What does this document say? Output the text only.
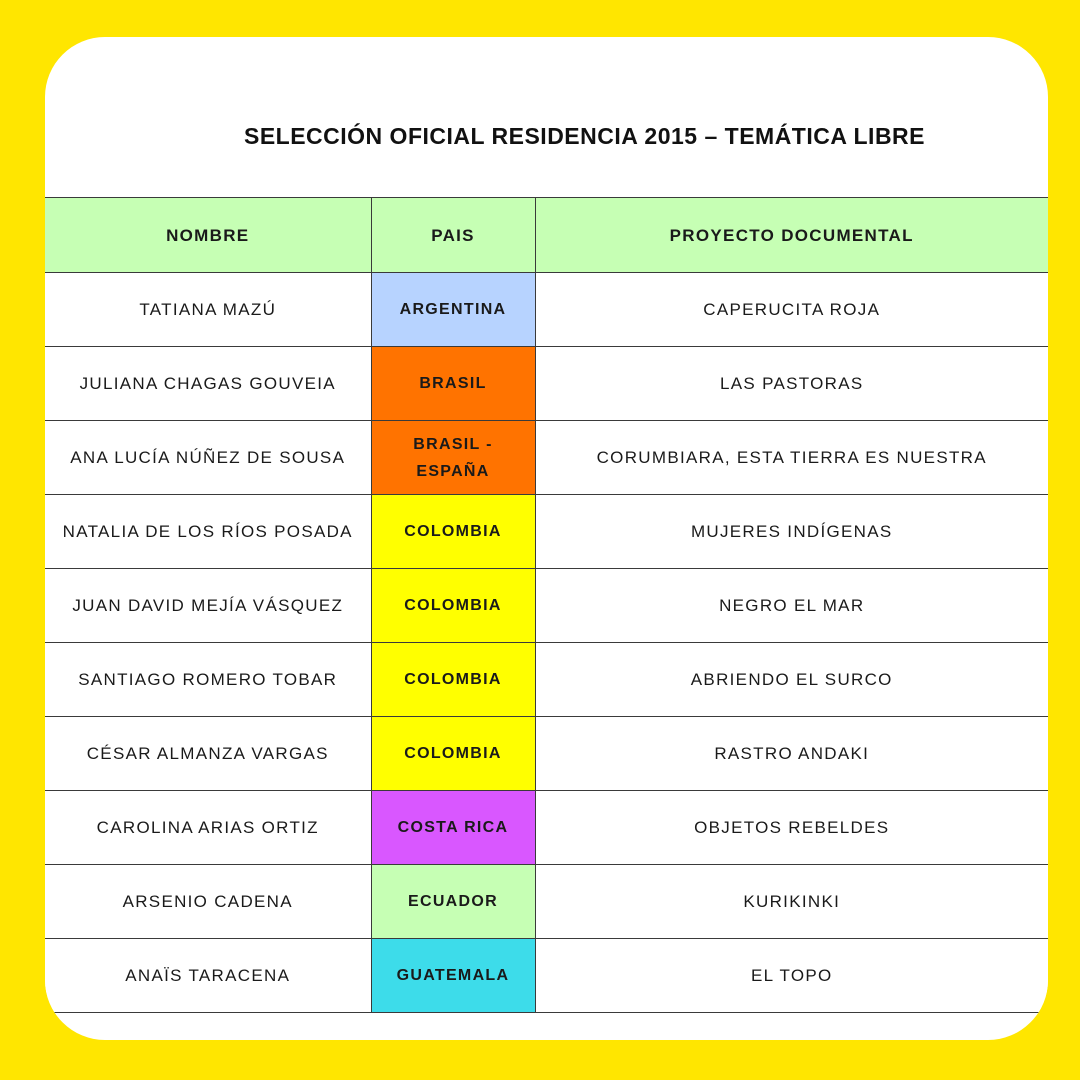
SELECCIÓN OFICIAL RESIDENCIA 2015 – TEMÁTICA LIBRE
NOMBRE	PAIS	PROYECTO DOCUMENTAL
TATIANA MAZÚ	ARGENTINA	CAPERUCITA ROJA
JULIANA CHAGAS GOUVEIA	BRASIL	LAS PASTORAS
ANA LUCÍA NÚÑEZ DE SOUSA	BRASIL - ESPAÑA	CORUMBIARA, ESTA TIERRA ES NUESTRA
NATALIA DE LOS RÍOS POSADA	COLOMBIA	MUJERES INDÍGENAS
JUAN DAVID MEJÍA VÁSQUEZ	COLOMBIA	NEGRO EL MAR
SANTIAGO ROMERO TOBAR	COLOMBIA	ABRIENDO EL SURCO
CÉSAR ALMANZA VARGAS	COLOMBIA	RASTRO ANDAKI
CAROLINA ARIAS ORTIZ	COSTA RICA	OBJETOS REBELDES
ARSENIO CADENA	ECUADOR	KURIKINKI
ANAÏS TARACENA	GUATEMALA	EL TOPO
